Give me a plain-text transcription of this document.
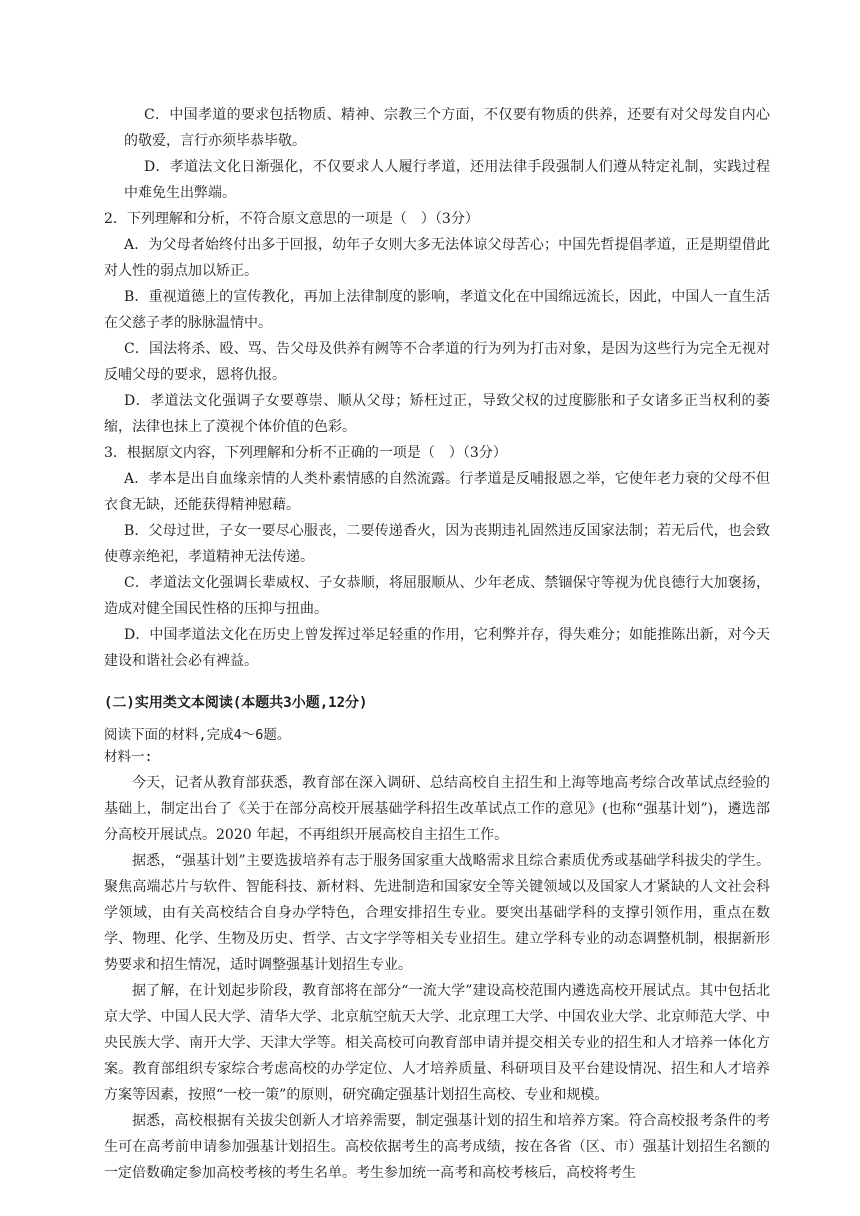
C．中国孝道的要求包括物质、精神、宗教三个方面，不仅要有物质的供养，还要有对父母发自内心的敬爱，言行亦须毕恭毕敬。

D．孝道法文化日渐强化，不仅要求人人履行孝道，还用法律手段强制人们遵从特定礼制，实践过程中难免生出弊端。

2．下列理解和分析，不符合原文意思的一项是（　）（3分）

A．为父母者始终付出多于回报，幼年子女则大多无法体谅父母苦心；中国先哲提倡孝道，正是期望借此对人性的弱点加以矫正。

B．重视道德上的宣传教化，再加上法律制度的影响，孝道文化在中国绵远流长，因此，中国人一直生活在父慈子孝的脉脉温情中。

C．国法将杀、殴、骂、告父母及供养有阙等不合孝道的行为列为打击对象，是因为这些行为完全无视对反哺父母的要求，恩将仇报。

D．孝道法文化强调子女要尊崇、顺从父母；矫枉过正，导致父权的过度膨胀和子女诸多正当权利的萎缩，法律也抹上了漠视个体价值的色彩。

3．根据原文内容，下列理解和分析不正确的一项是（　）（3分）

A．孝本是出自血缘亲情的人类朴素情感的自然流露。行孝道是反哺报恩之举，它使年老力衰的父母不但衣食无缺，还能获得精神慰藉。

B．父母过世，子女一要尽心服丧，二要传递香火，因为丧期违礼固然违反国家法制；若无后代，也会致使尊亲绝祀，孝道精神无法传递。

C．孝道法文化强调长辈威权、子女恭顺，将屈服顺从、少年老成、禁锢保守等视为优良德行大加褒扬，造成对健全国民性格的压抑与扭曲。

D．中国孝道法文化在历史上曾发挥过举足轻重的作用，它利弊并存，得失难分；如能推陈出新，对今天建设和谐社会必有裨益。

(二)实用类文本阅读(本题共3小题,12分)

阅读下面的材料,完成4～6题。

材料一:

今天，记者从教育部获悉，教育部在深入调研、总结高校自主招生和上海等地高考综合改革试点经验的基础上，制定出台了《关于在部分高校开展基础学科招生改革试点工作的意见》(也称“强基计划”)，遴选部分高校开展试点。2020 年起，不再组织开展高校自主招生工作。

据悉，“强基计划”主要选拔培养有志于服务国家重大战略需求且综合素质优秀或基础学科拔尖的学生。聚焦高端芯片与软件、智能科技、新材料、先进制造和国家安全等关键领域以及国家人才紧缺的人文社会科学领域，由有关高校结合自身办学特色，合理安排招生专业。要突出基础学科的支撑引领作用，重点在数学、物理、化学、生物及历史、哲学、古文字学等相关专业招生。建立学科专业的动态调整机制，根据新形势要求和招生情况，适时调整强基计划招生专业。

据了解，在计划起步阶段，教育部将在部分“一流大学”建设高校范围内遴选高校开展试点。其中包括北京大学、中国人民大学、清华大学、北京航空航天大学、北京理工大学、中国农业大学、北京师范大学、中央民族大学、南开大学、天津大学等。相关高校可向教育部申请并提交相关专业的招生和人才培养一体化方案。教育部组织专家综合考虑高校的办学定位、人才培养质量、科研项目及平台建设情况、招生和人才培养方案等因素，按照“一校一策”的原则，研究确定强基计划招生高校、专业和规模。

据悉，高校根据有关拔尖创新人才培养需要，制定强基计划的招生和培养方案。符合高校报考条件的考生可在高考前申请参加强基计划招生。高校依据考生的高考成绩，按在各省（区、市）强基计划招生名额的一定倍数确定参加高校考核的考生名单。考生参加统一高考和高校考核后，高校将考生
